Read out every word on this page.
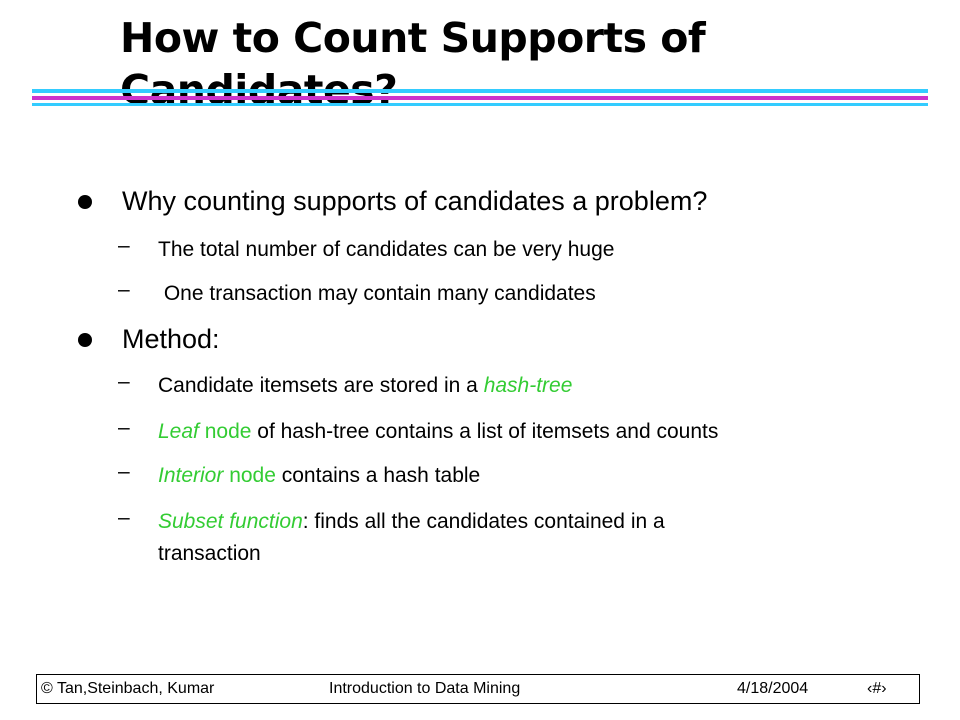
How to Count Supports of

Why counting supports of candidates a problem?
–	The total number of candidates can be very huge
–	One transaction may contain many candidates
Method:
–	Candidate itemsets are stored in a hash-tree
–	Leaf node of hash-tree contains a list of itemsets and counts
–	Interior node contains a hash table
–	Subset function: finds all the candidates contained in a
transaction
© Tan,Steinbach, Kumar	Introduction to Data Mining	4/18/2004	‹#›
